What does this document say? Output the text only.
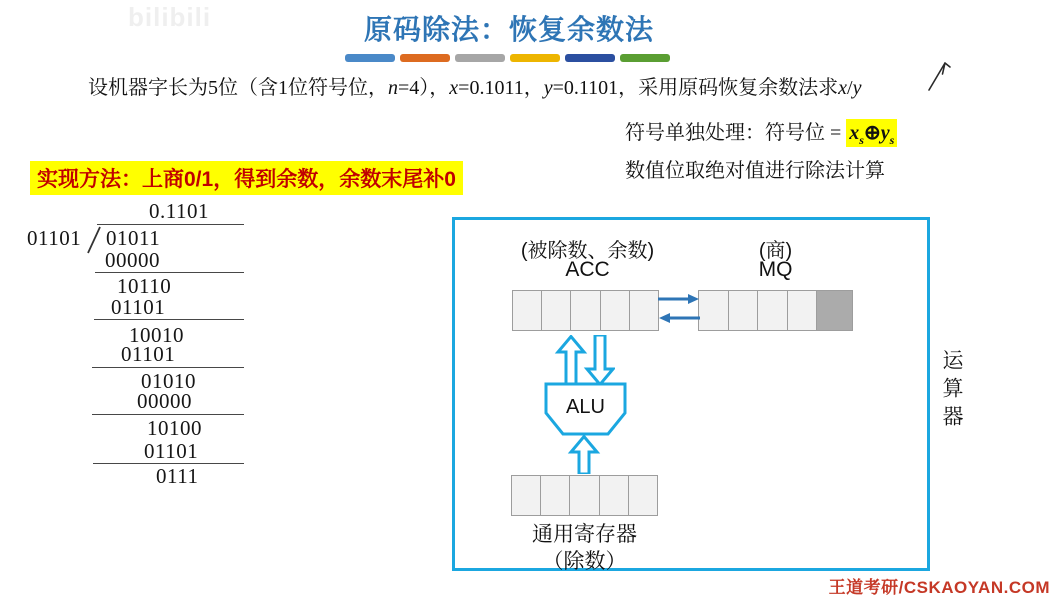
bilibili	原码除法：恢复余数法
设机器字长为5位（含1位符号位，n=4），x=0.1011，y=0.1101，采用原码恢复余数法求x/y
符号单独处理：符号位 = $x_s\oplus y_s$
数值位取绝对值进行除法计算
实现方法：上商0/1，得到余数，余数末尾补0
0.1101
01101 01011
00000
10110
01101
10010
01101
01010
00000
10100
01101
0111
(被除数、余数)
ACC
(商)
MQ
ALU
通用寄存器
（除数）
运算器
王道考研/CSKAOYAN.COM
